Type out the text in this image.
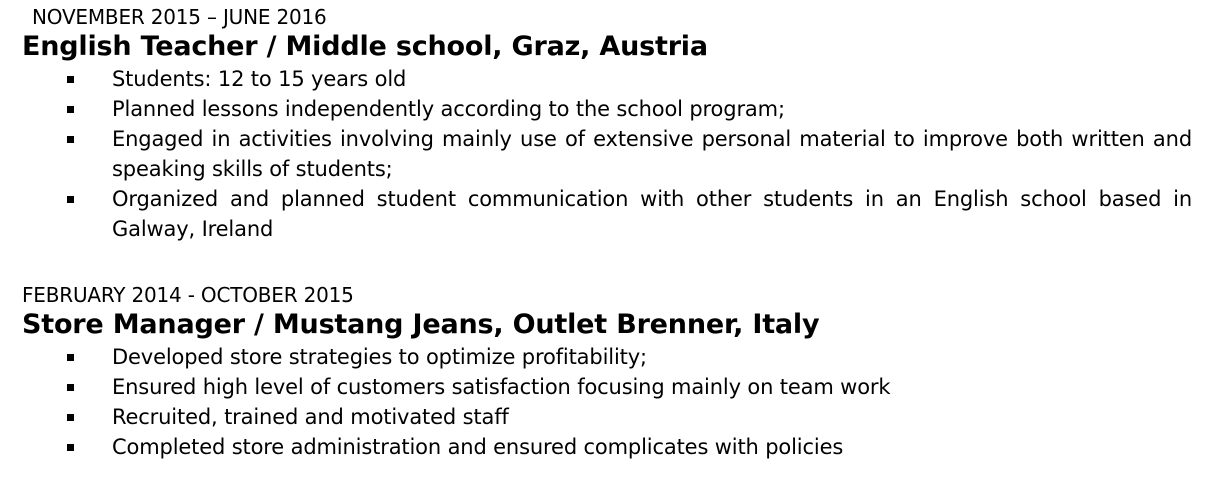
NOVEMBER 2015 – JUNE 2016
English Teacher / Middle school, Graz, Austria
Students: 12 to 15 years old
Planned lessons independently according to the school program;
Engaged in activities involving mainly use of extensive personal material to improve both written and speaking skills of students;
Organized and planned student communication with other students in an English school based in Galway, Ireland
FEBRUARY 2014 - OCTOBER 2015
Store Manager / Mustang Jeans, Outlet Brenner, Italy
Developed store strategies to optimize profitability;
Ensured high level of customers satisfaction focusing mainly on team work
Recruited, trained and motivated staff
Completed store administration and ensured complicates with policies
